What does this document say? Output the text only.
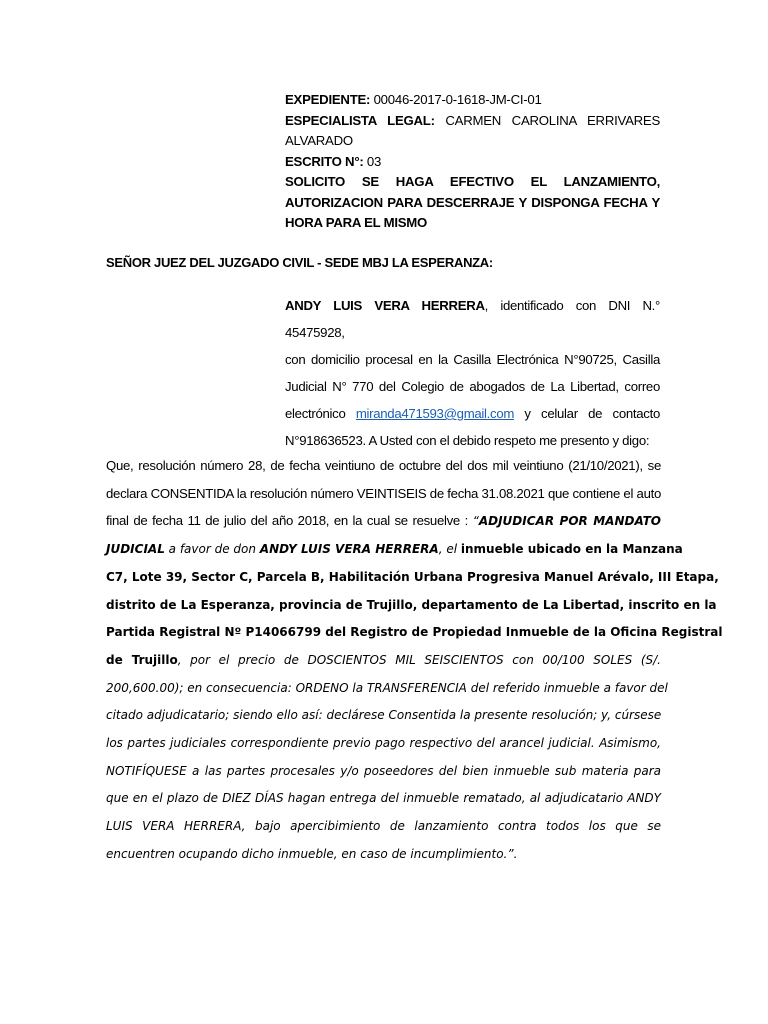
EXPEDIENTE: 00046-2017-0-1618-JM-CI-01
ESPECIALISTA LEGAL: CARMEN CAROLINA ERRIVARES
ALVARADO
ESCRITO N°: 03
SOLICITO SE HAGA EFECTIVO EL LANZAMIENTO,
AUTORIZACION PARA DESCERRAJE Y DISPONGA FECHA Y
HORA PARA EL MISMO
SEÑOR JUEZ DEL JUZGADO CIVIL - SEDE MBJ LA ESPERANZA:
ANDY LUIS VERA HERRERA, identificado con DNI N.° 45475928,
con domicilio procesal en la Casilla Electrónica N°90725, Casilla
Judicial N° 770 del Colegio de abogados de La Libertad, correo
electrónico miranda471593@gmail.com y celular de contacto
N°918636523. A Usted con el debido respeto me presento y digo:
Que, resolución número 28, de fecha veintiuno de octubre del dos mil veintiuno (21/10/2021), se
declara CONSENTIDA la resolución número VEINTISEIS de fecha 31.08.2021 que contiene el auto
final de fecha 11 de julio del año 2018, en la cual se resuelve : “ADJUDICAR POR MANDATO
JUDICIAL a favor de don ANDY LUIS VERA HERRERA, el inmueble ubicado en la Manzana
C7, Lote 39, Sector C, Parcela B, Habilitación Urbana Progresiva Manuel Arévalo, III Etapa,
distrito de La Esperanza, provincia de Trujillo, departamento de La Libertad, inscrito en la
Partida Registral Nº P14066799 del Registro de Propiedad Inmueble de la Oficina Registral
de Trujillo, por el precio de DOSCIENTOS MIL SEISCIENTOS con 00/100 SOLES (S/.
200,600.00); en consecuencia: ORDENO la TRANSFERENCIA del referido inmueble a favor del
citado adjudicatario; siendo ello así: declárese Consentida la presente resolución; y, cúrsese
los partes judiciales correspondiente previo pago respectivo del arancel judicial. Asimismo,
NOTIFÍQUESE a las partes procesales y/o poseedores del bien inmueble sub materia para
que en el plazo de DIEZ DÍAS hagan entrega del inmueble rematado, al adjudicatario ANDY
LUIS VERA HERRERA, bajo apercibimiento de lanzamiento contra todos los que se
encuentren ocupando dicho inmueble, en caso de incumplimiento.”.
